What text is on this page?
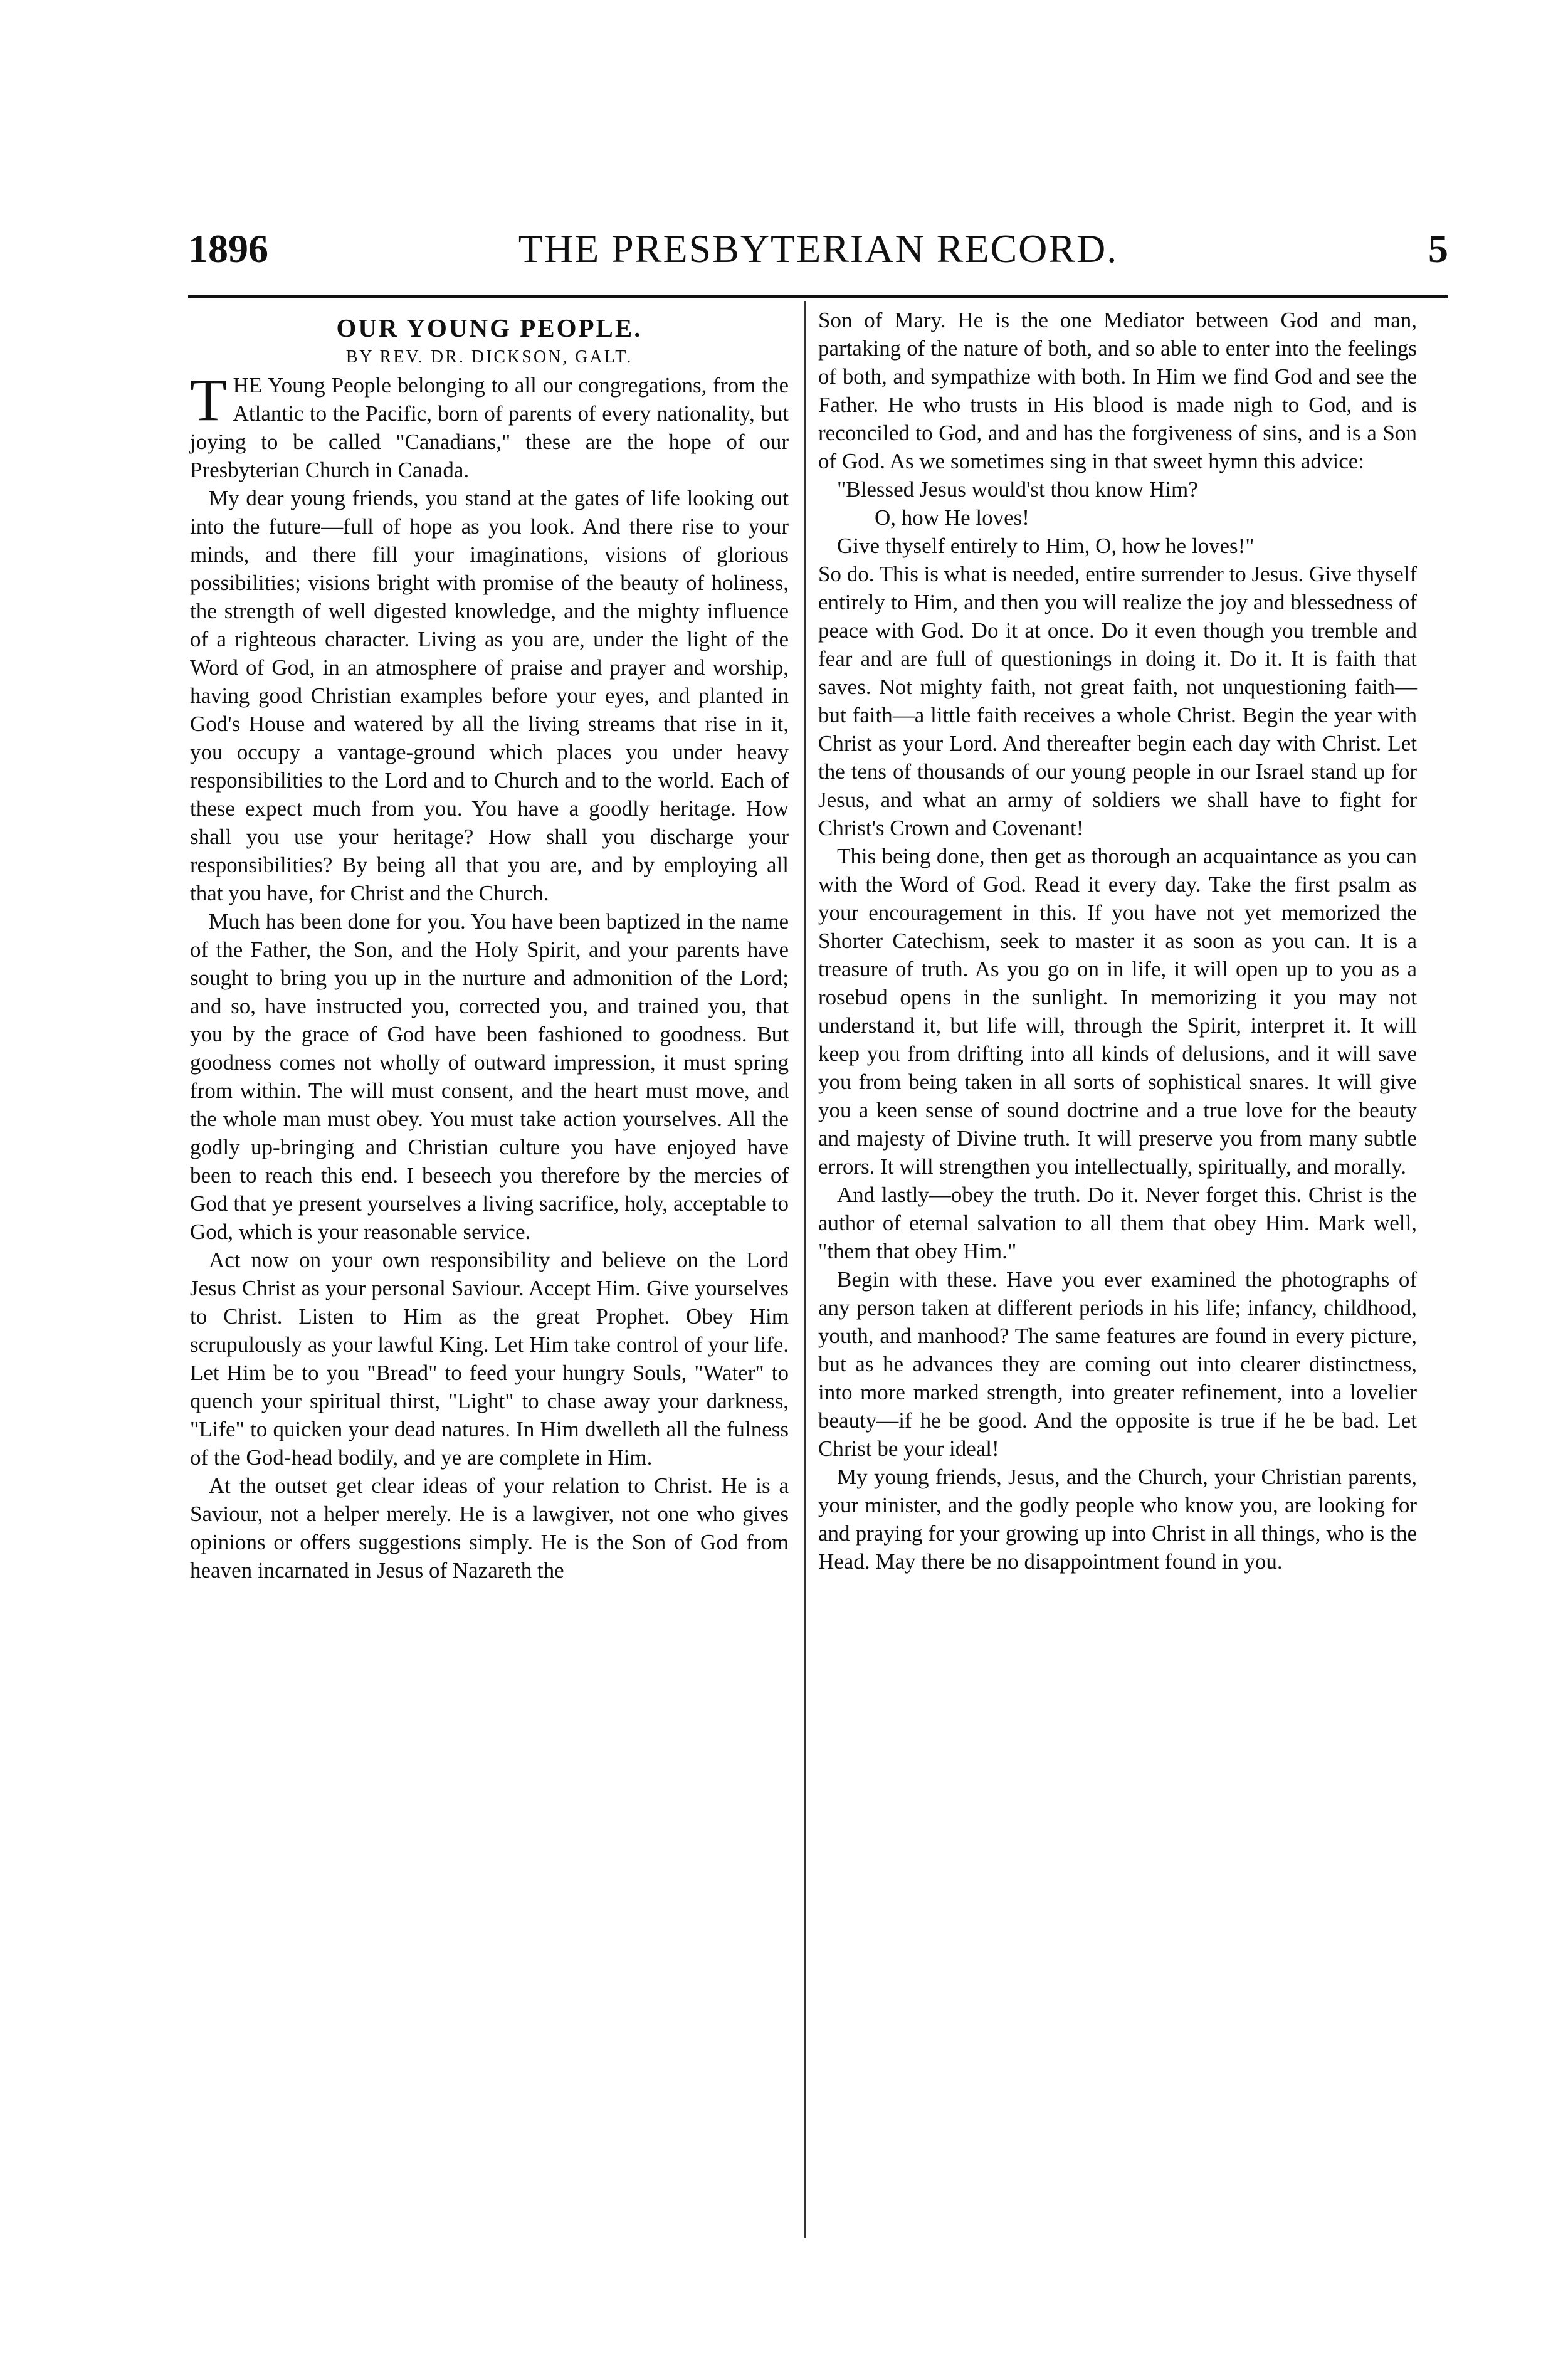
1896	THE PRESBYTERIAN RECORD.	5
OUR YOUNG PEOPLE.
BY REV. DR. DICKSON, GALT.

THE Young People belonging to all our congregations, from the Atlantic to the Pacific, born of parents of every nationality, but joying to be called "Canadians," these are the hope of our Presbyterian Church in Canada.

My dear young friends, you stand at the gates of life looking out into the future—full of hope as you look. And there rise to your minds, and there fill your imaginations, visions of glorious possibilities; visions bright with promise of the beauty of holiness, the strength of well digested knowledge, and the mighty influence of a righteous character. Living as you are, under the light of the Word of God, in an atmosphere of praise and prayer and worship, having good Christian examples before your eyes, and planted in God's House and watered by all the living streams that rise in it, you occupy a vantage-ground which places you under heavy responsibilities to the Lord and to Church and to the world. Each of these expect much from you. You have a goodly heritage. How shall you use your heritage? How shall you discharge your responsibilities? By being all that you are, and by employing all that you have, for Christ and the Church.

Much has been done for you. You have been baptized in the name of the Father, the Son, and the Holy Spirit, and your parents have sought to bring you up in the nurture and admonition of the Lord; and so, have instructed you, corrected you, and trained you, that you by the grace of God have been fashioned to goodness. But goodness comes not wholly of outward impression, it must spring from within. The will must consent, and the heart must move, and the whole man must obey. You must take action yourselves. All the godly up-bringing and Christian culture you have enjoyed have been to reach this end. I beseech you therefore by the mercies of God that ye present yourselves a living sacrifice, holy, acceptable to God, which is your reasonable service.

Act now on your own responsibility and believe on the Lord Jesus Christ as your personal Saviour. Accept Him. Give yourselves to Christ. Listen to Him as the great Prophet. Obey Him scrupulously as your lawful King. Let Him take control of your life. Let Him be to you "Bread" to feed your hungry Souls, "Water" to quench your spiritual thirst, "Light" to chase away your darkness, "Life" to quicken your dead natures. In Him dwelleth all the fulness of the God-head bodily, and ye are complete in Him.

At the outset get clear ideas of your relation to Christ. He is a Saviour, not a helper merely. He is a lawgiver, not one who gives opinions or offers suggestions simply. He is the Son of God from heaven incarnated in Jesus of Nazareth the

Son of Mary. He is the one Mediator between God and man, partaking of the nature of both, and so able to enter into the feelings of both, and sympathize with both. In Him we find God and see the Father. He who trusts in His blood is made nigh to God, and is reconciled to God, and and has the forgiveness of sins, and is a Son of God. As we sometimes sing in that sweet hymn this advice:

"Blessed Jesus would'st thou know Him?

O, how He loves!

Give thyself entirely to Him, O, how he loves!"

So do. This is what is needed, entire surrender to Jesus. Give thyself entirely to Him, and then you will realize the joy and blessedness of peace with God. Do it at once. Do it even though you tremble and fear and are full of questionings in doing it. Do it. It is faith that saves. Not mighty faith, not great faith, not unquestioning faith—but faith—a little faith receives a whole Christ. Begin the year with Christ as your Lord. And thereafter begin each day with Christ. Let the tens of thousands of our young people in our Israel stand up for Jesus, and what an army of soldiers we shall have to fight for Christ's Crown and Covenant!

This being done, then get as thorough an acquaintance as you can with the Word of God. Read it every day. Take the first psalm as your encouragement in this. If you have not yet memorized the Shorter Catechism, seek to master it as soon as you can. It is a treasure of truth. As you go on in life, it will open up to you as a rosebud opens in the sunlight. In memorizing it you may not understand it, but life will, through the Spirit, interpret it. It will keep you from drifting into all kinds of delusions, and it will save you from being taken in all sorts of sophistical snares. It will give you a keen sense of sound doctrine and a true love for the beauty and majesty of Divine truth. It will preserve you from many subtle errors. It will strengthen you intellectually, spiritually, and morally.

And lastly—obey the truth. Do it. Never forget this. Christ is the author of eternal salvation to all them that obey Him. Mark well, "them that obey Him."

Begin with these. Have you ever examined the photographs of any person taken at different periods in his life; infancy, childhood, youth, and manhood? The same features are found in every picture, but as he advances they are coming out into clearer distinctness, into more marked strength, into greater refinement, into a lovelier beauty—if he be good. And the opposite is true if he be bad. Let Christ be your ideal!

My young friends, Jesus, and the Church, your Christian parents, your minister, and the godly people who know you, are looking for and praying for your growing up into Christ in all things, who is the Head. May there be no disappointment found in you.
